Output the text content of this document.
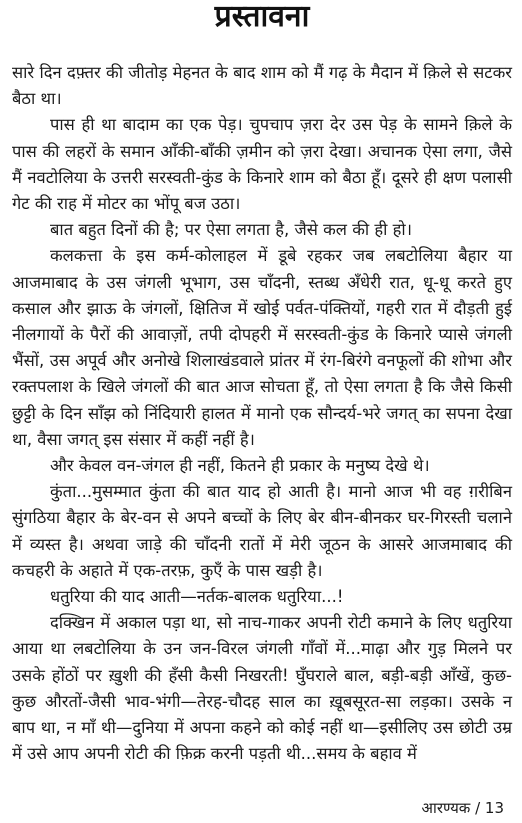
प्रस्तावना

सारे दिन दफ़्तर की जीतोड़ मेहनत के बाद शाम को मैं गढ़ के मैदान में क़िले से सटकर बैठा था।

पास ही था बादाम का एक पेड़। चुपचाप ज़रा देर उस पेड़ के सामने क़िले के पास की लहरों के समान आँकी-बाँकी ज़मीन को ज़रा देखा। अचानक ऐसा लगा, जैसे मैं नवटोलिया के उत्तरी सरस्वती-कुंड के किनारे शाम को बैठा हूँ। दूसरे ही क्षण पलासी गेट की राह में मोटर का भोंपू बज उठा।

बात बहुत दिनों की है; पर ऐसा लगता है, जैसे कल की ही हो।

कलकत्ता के इस कर्म-कोलाहल में डूबे रहकर जब लबटोलिया बैहार या आजमाबाद के उस जंगली भूभाग, उस चाँदनी, स्तब्ध अँधेरी रात, धू-धू करते हुए कसाल और झाऊ के जंगलों, क्षितिज में खोई पर्वत-पंक्तियों, गहरी रात में दौड़ती हुई नीलगायों के पैरों की आवाज़ों, तपी दोपहरी में सरस्वती-कुंड के किनारे प्यासे जंगली भैंसों, उस अपूर्व और अनोखे शिलाखंडवाले प्रांतर में रंग-बिरंगे वनफूलों की शोभा और रक्तपलाश के खिले जंगलों की बात आज सोचता हूँ, तो ऐसा लगता है कि जैसे किसी छुट्टी के दिन साँझ को निंदियारी हालत में मानो एक सौन्दर्य-भरे जगत् का सपना देखा था, वैसा जगत् इस संसार में कहीं नहीं है।

और केवल वन-जंगल ही नहीं, कितने ही प्रकार के मनुष्य देखे थे।

कुंता...मुसम्मात कुंता की बात याद हो आती है। मानो आज भी वह ग़रीबिन सुंगठिया बैहार के बेर-वन से अपने बच्चों के लिए बेर बीन-बीनकर घर-गिरस्ती चलाने में व्यस्त है। अथवा जाड़े की चाँदनी रातों में मेरी जूठन के आसरे आजमाबाद की कचहरी के अहाते में एक-तरफ़, कुएँ के पास खड़ी है।

धतुरिया की याद आती—नर्तक-बालक धतुरिया...!

दक्खिन में अकाल पड़ा था, सो नाच-गाकर अपनी रोटी कमाने के लिए धतुरिया आया था लबटोलिया के उन जन-विरल जंगली गाँवों में...माढ़ा और गुड़ मिलने पर उसके होंठों पर ख़ुशी की हँसी कैसी निखरती! घुँघराले बाल, बड़ी-बड़ी आँखें, कुछ-कुछ औरतों-जैसी भाव-भंगी—तेरह-चौदह साल का ख़ूबसूरत-सा लड़का। उसके न बाप था, न माँ थी—दुनिया में अपना कहने को कोई नहीं था—इसीलिए उस छोटी उम्र में उसे आप अपनी रोटी की फ़िक्र करनी पड़ती थी...समय के बहाव में

आरण्यक / 13
